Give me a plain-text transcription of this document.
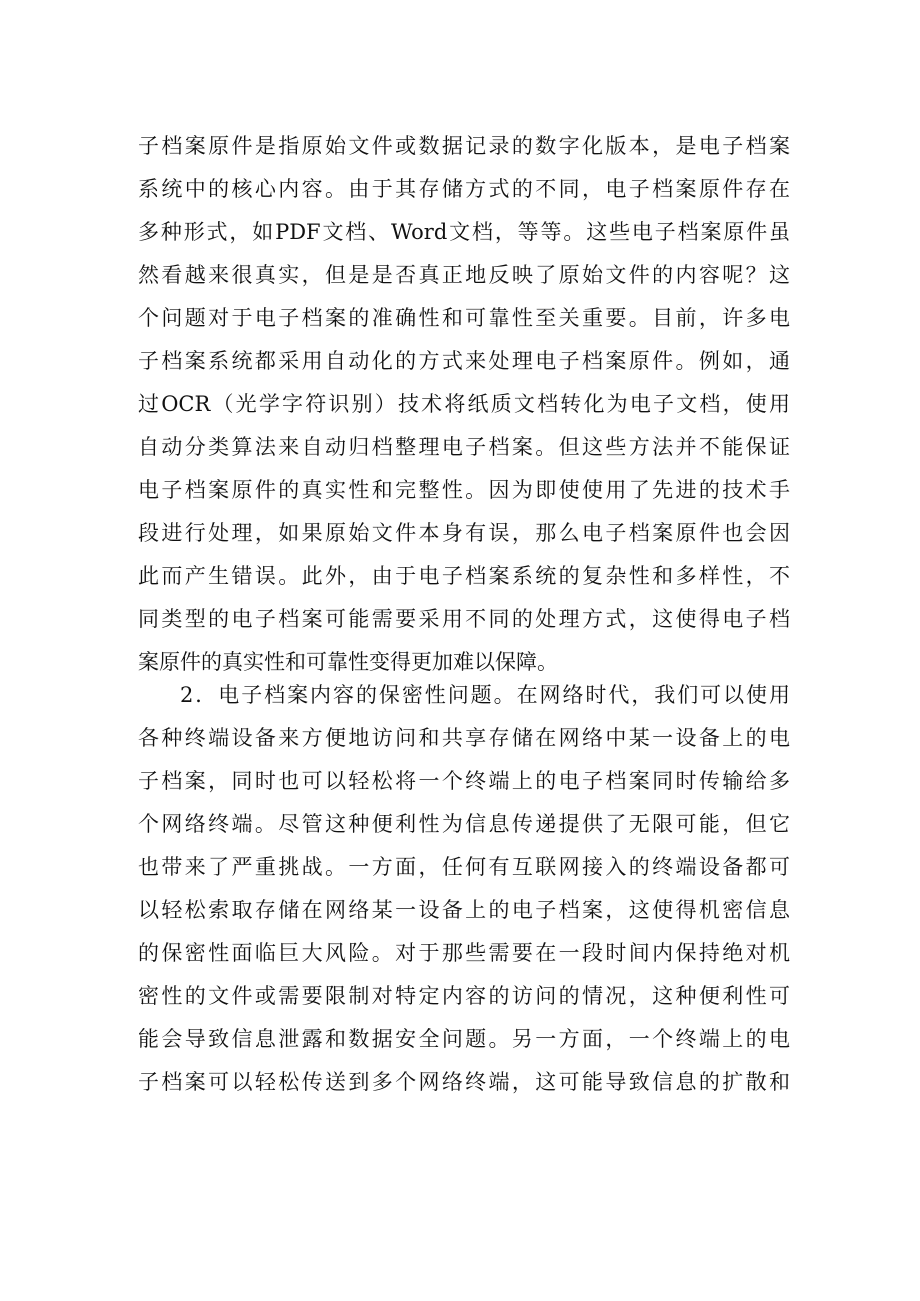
子档案原件是指原始文件或数据记录的数字化版本，是电子档案
系统中的核心内容。由于其存储方式的不同，电子档案原件存在
多种形式，如PDF文档、Word文档，等等。这些电子档案原件虽
然看越来很真实，但是是否真正地反映了原始文件的内容呢？这
个问题对于电子档案的准确性和可靠性至关重要。目前，许多电
子档案系统都采用自动化的方式来处理电子档案原件。例如，通
过OCR（光学字符识别）技术将纸质文档转化为电子文档，使用
自动分类算法来自动归档整理电子档案。但这些方法并不能保证
电子档案原件的真实性和完整性。因为即使使用了先进的技术手
段进行处理，如果原始文件本身有误，那么电子档案原件也会因
此而产生错误。此外，由于电子档案系统的复杂性和多样性，不
同类型的电子档案可能需要采用不同的处理方式，这使得电子档
案原件的真实性和可靠性变得更加难以保障。
2．电子档案内容的保密性问题。在网络时代，我们可以使用
各种终端设备来方便地访问和共享存储在网络中某一设备上的电
子档案，同时也可以轻松将一个终端上的电子档案同时传输给多
个网络终端。尽管这种便利性为信息传递提供了无限可能，但它
也带来了严重挑战。一方面，任何有互联网接入的终端设备都可
以轻松索取存储在网络某一设备上的电子档案，这使得机密信息
的保密性面临巨大风险。对于那些需要在一段时间内保持绝对机
密性的文件或需要限制对特定内容的访问的情况，这种便利性可
能会导致信息泄露和数据安全问题。另一方面，一个终端上的电
子档案可以轻松传送到多个网络终端，这可能导致信息的扩散和
